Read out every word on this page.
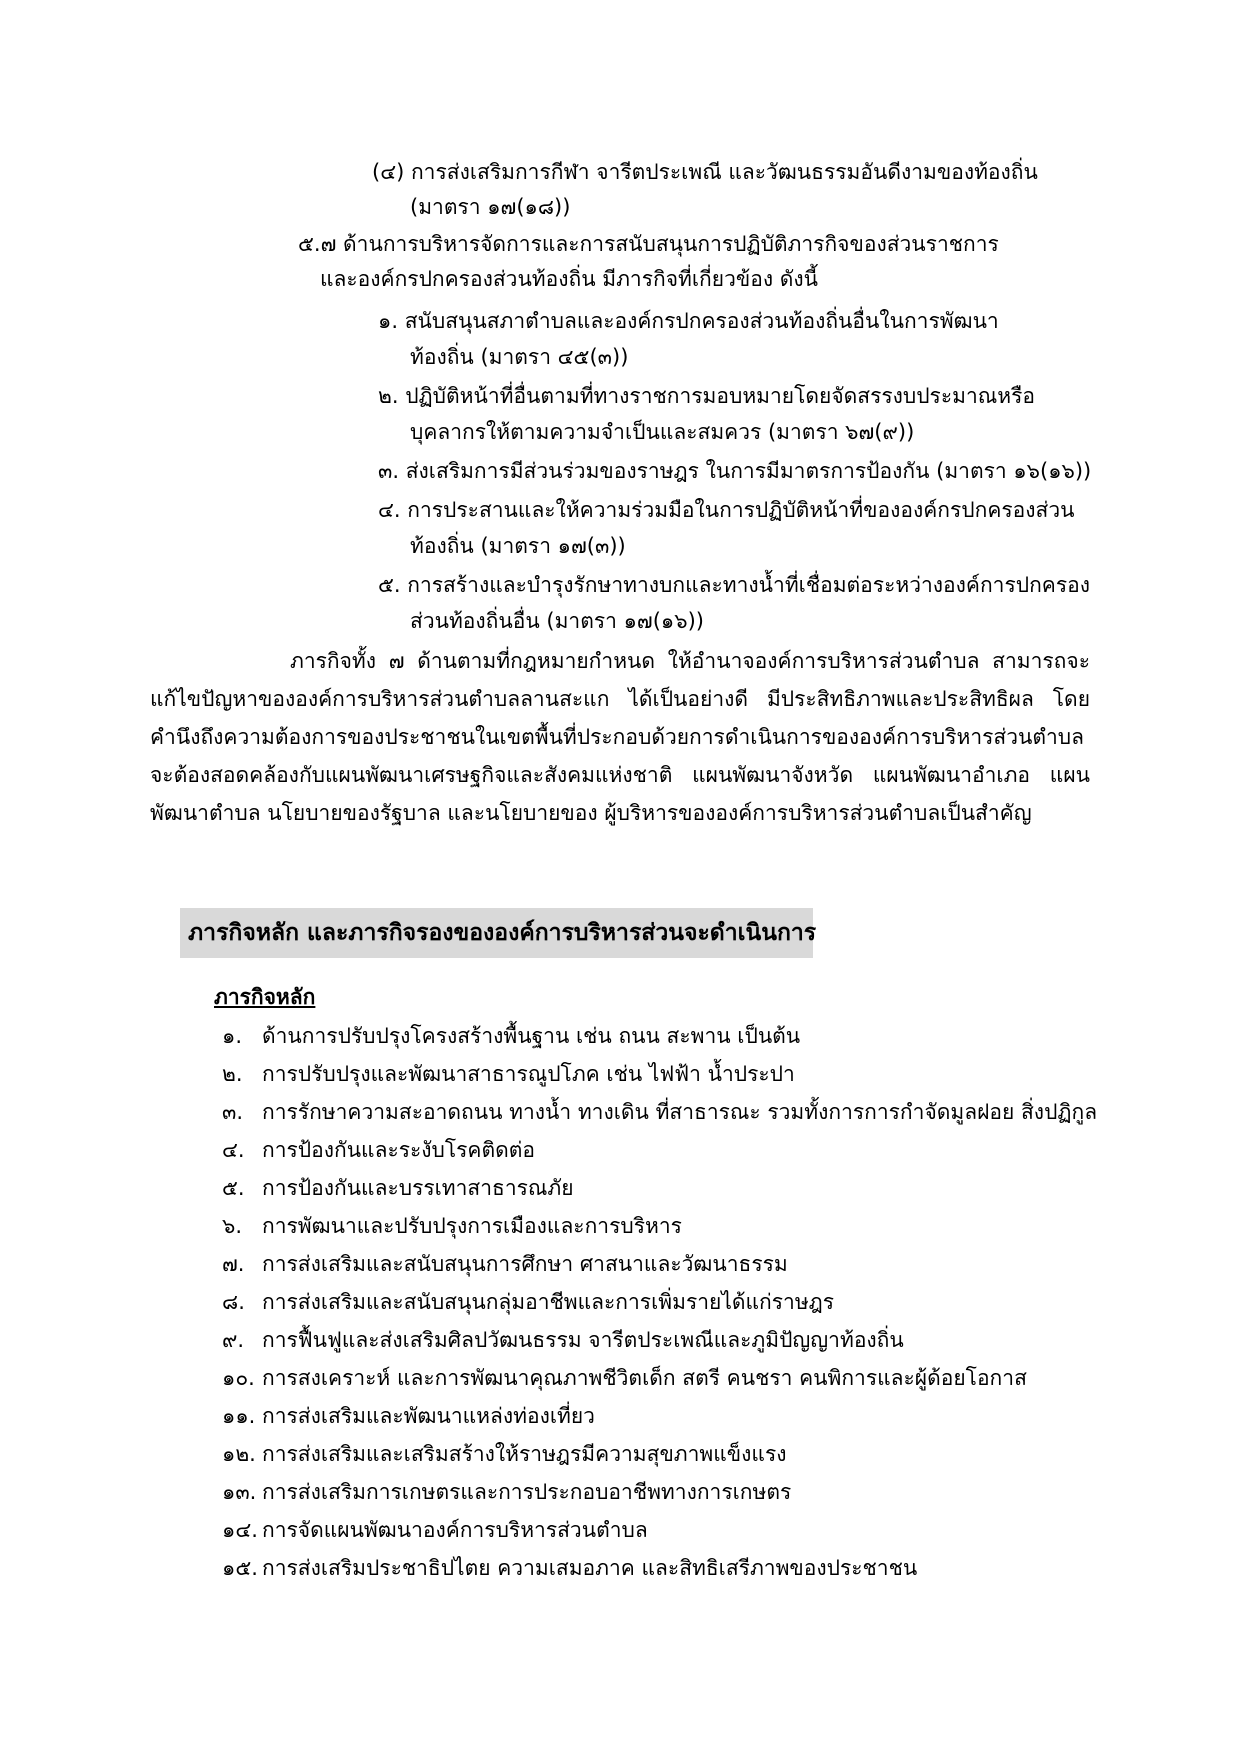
(๔) การส่งเสริมการกีฬา จารีตประเพณี และวัฒนธรรมอันดีงามของท้องถิ่น
(มาตรา ๑๗(๑๘))
๕.๗ ด้านการบริหารจัดการและการสนับสนุนการปฏิบัติภารกิจของส่วนราชการ
และองค์กรปกครองส่วนท้องถิ่น มีภารกิจที่เกี่ยวข้อง ดังนี้
๑. สนับสนุนสภาตำบลและองค์กรปกครองส่วนท้องถิ่นอื่นในการพัฒนา
ท้องถิ่น (มาตรา ๔๕(๓))
๒. ปฏิบัติหน้าที่อื่นตามที่ทางราชการมอบหมายโดยจัดสรรงบประมาณหรือ
บุคลากรให้ตามความจำเป็นและสมควร (มาตรา ๖๗(๙))
๓. ส่งเสริมการมีส่วนร่วมของราษฎร ในการมีมาตรการป้องกัน (มาตรา ๑๖(๑๖))
๔. การประสานและให้ความร่วมมือในการปฏิบัติหน้าที่ขององค์กรปกครองส่วน
ท้องถิ่น (มาตรา ๑๗(๓))
๕. การสร้างและบำรุงรักษาทางบกและทางน้ำที่เชื่อมต่อระหว่างองค์การปกครอง
ส่วนท้องถิ่นอื่น (มาตรา ๑๗(๑๖))
ภารกิจทั้ง ๗ ด้านตามที่กฎหมายกำหนด ให้อำนาจองค์การบริหารส่วนตำบล สามารถจะแก้ไขปัญหาขององค์การบริหารส่วนตำบลลานสะแก ได้เป็นอย่างดี มีประสิทธิภาพและประสิทธิผล โดยคำนึงถึงความต้องการของประชาชนในเขตพื้นที่ประกอบด้วยการดำเนินการขององค์การบริหารส่วนตำบล จะต้องสอดคล้องกับแผนพัฒนาเศรษฐกิจและสังคมแห่งชาติ แผนพัฒนาจังหวัด แผนพัฒนาอำเภอ แผนพัฒนาตำบล นโยบายของรัฐบาล และนโยบายของ ผู้บริหารขององค์การบริหารส่วนตำบลเป็นสำคัญ
ภารกิจหลัก และภารกิจรองขององค์การบริหารส่วนจะดำเนินการ
ภารกิจหลัก
๑. ด้านการปรับปรุงโครงสร้างพื้นฐาน เช่น ถนน สะพาน เป็นต้น
๒. การปรับปรุงและพัฒนาสาธารณูปโภค เช่น ไฟฟ้า น้ำประปา
๓. การรักษาความสะอาดถนน ทางน้ำ ทางเดิน ที่สาธารณะ รวมทั้งการการกำจัดมูลฝอย สิ่งปฏิกูล
๔. การป้องกันและระงับโรคติดต่อ
๕. การป้องกันและบรรเทาสาธารณภัย
๖. การพัฒนาและปรับปรุงการเมืองและการบริหาร
๗. การส่งเสริมและสนับสนุนการศึกษา ศาสนาและวัฒนาธรรม
๘. การส่งเสริมและสนับสนุนกลุ่มอาชีพและการเพิ่มรายได้แก่ราษฎร
๙. การฟื้นฟูและส่งเสริมศิลปวัฒนธรรม จารีตประเพณีและภูมิปัญญาท้องถิ่น
๑๐. การสงเคราะห์ และการพัฒนาคุณภาพชีวิตเด็ก สตรี คนชรา คนพิการและผู้ด้อยโอกาส
๑๑. การส่งเสริมและพัฒนาแหล่งท่องเที่ยว
๑๒. การส่งเสริมและเสริมสร้างให้ราษฎรมีความสุขภาพแข็งแรง
๑๓. การส่งเสริมการเกษตรและการประกอบอาชีพทางการเกษตร
๑๔. การจัดแผนพัฒนาองค์การบริหารส่วนตำบล
๑๕. การส่งเสริมประชาธิปไตย ความเสมอภาค และสิทธิเสรีภาพของประชาชน
